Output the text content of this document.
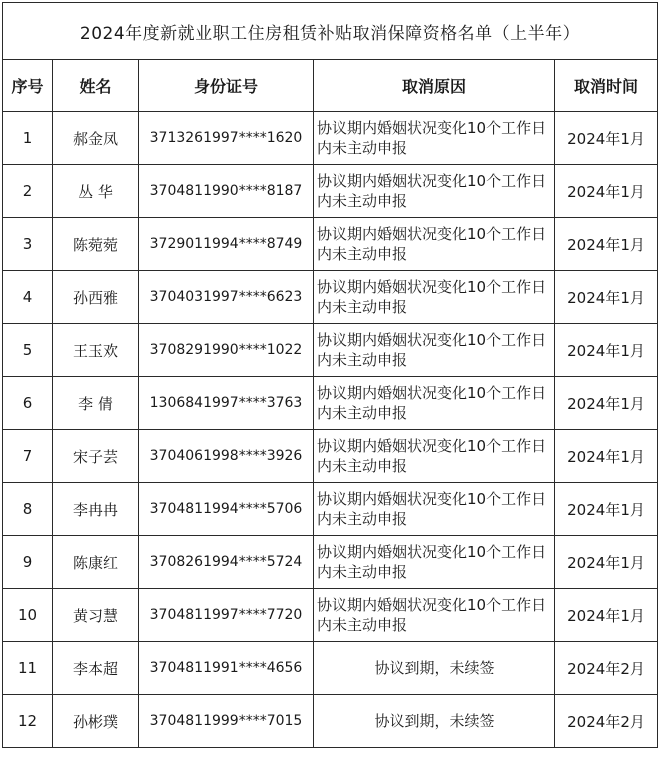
2024年度新就业职工住房租赁补贴取消保障资格名单（上半年）				
序号	姓名	身份证号	取消原因	取消时间
1	郝金凤	3713261997****1620	协议期内婚姻状况变化10个工作日内未主动申报	2024年1月
2	丛 华	3704811990****8187	协议期内婚姻状况变化10个工作日内未主动申报	2024年1月
3	陈菀菀	3729011994****8749	协议期内婚姻状况变化10个工作日内未主动申报	2024年1月
4	孙西雅	3704031997****6623	协议期内婚姻状况变化10个工作日内未主动申报	2024年1月
5	王玉欢	3708291990****1022	协议期内婚姻状况变化10个工作日内未主动申报	2024年1月
6	李 倩	1306841997****3763	协议期内婚姻状况变化10个工作日内未主动申报	2024年1月
7	宋子芸	3704061998****3926	协议期内婚姻状况变化10个工作日内未主动申报	2024年1月
8	李冉冉	3704811994****5706	协议期内婚姻状况变化10个工作日内未主动申报	2024年1月
9	陈康红	3708261994****5724	协议期内婚姻状况变化10个工作日内未主动申报	2024年1月
10	黄习慧	3704811997****7720	协议期内婚姻状况变化10个工作日内未主动申报	2024年1月
11	李本超	3704811991****4656	协议到期，未续签	2024年2月
12	孙彬璞	3704811999****7015	协议到期，未续签	2024年2月
